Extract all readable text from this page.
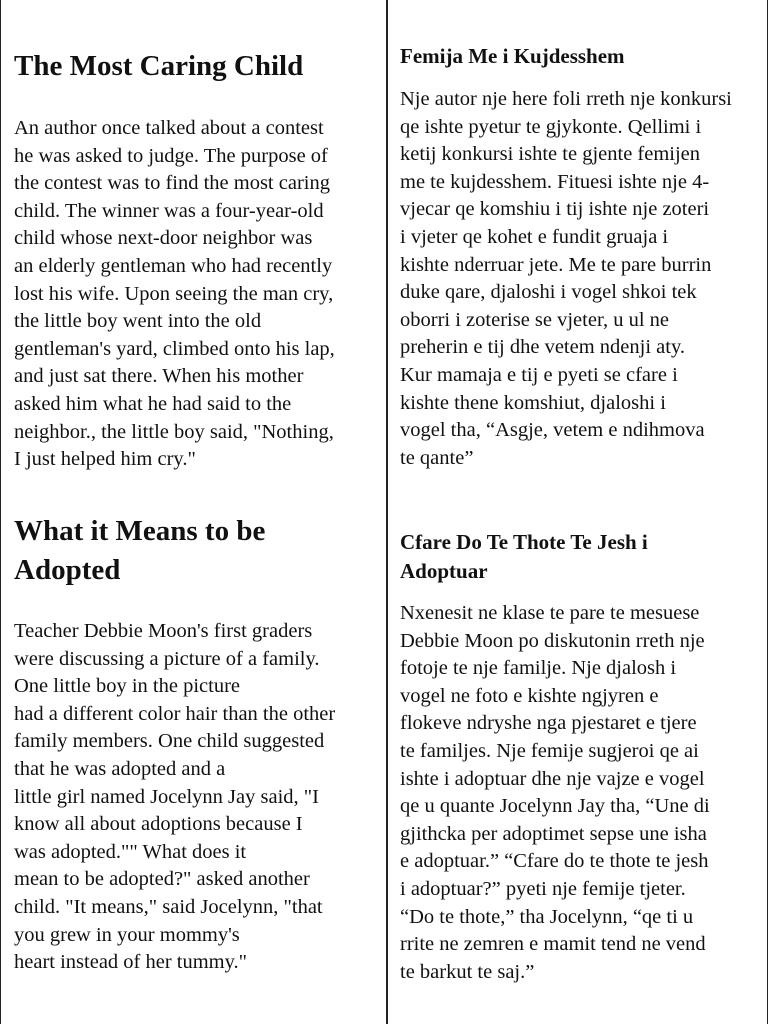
The Most Caring Child

An author once talked about a contest
he was asked to judge. The purpose of
the contest was to find the most caring
child. The winner was a four-year-old
child whose next-door neighbor was
an elderly gentleman who had recently
lost his wife. Upon seeing the man cry,
the little boy went into the old
gentleman's yard, climbed onto his lap,
and just sat there. When his mother
asked him what he had said to the
neighbor., the little boy said, "Nothing,
I just helped him cry."

What it Means to be
Adopted

Teacher Debbie Moon's first graders
were discussing a picture of a family.
One little boy in the picture
had a different color hair than the other
family members. One child suggested
that he was adopted and a
little girl named Jocelynn Jay said, "I
know all about adoptions because I
was adopted."" What does it
mean to be adopted?" asked another
child. "It means," said Jocelynn, "that
you grew in your mommy's
heart instead of her tummy."

Femija Me i Kujdesshem

Nje autor nje here foli rreth nje konkursi
qe ishte pyetur te gjykonte. Qellimi i
ketij konkursi ishte te gjente femijen
me te kujdesshem. Fituesi ishte nje 4-
vjecar qe komshiu i tij ishte nje zoteri
i vjeter qe kohet e fundit gruaja i
kishte nderruar jete. Me te pare burrin
duke qare, djaloshi i vogel shkoi tek
oborri i zoterise se vjeter, u ul ne
preherin e tij dhe vetem ndenji aty.
Kur mamaja e tij e pyeti se cfare i
kishte thene komshiut, djaloshi i
vogel tha, “Asgje, vetem e ndihmova
te qante”

Cfare Do Te Thote Te Jesh i
Adoptuar

Nxenesit ne klase te pare te mesuese
Debbie Moon po diskutonin rreth nje
fotoje te nje familje. Nje djalosh i
vogel ne foto e kishte ngjyren e
flokeve ndryshe nga pjestaret e tjere
te familjes. Nje femije sugjeroi qe ai
ishte i adoptuar dhe nje vajze e vogel
qe u quante Jocelynn Jay tha, “Une di
gjithcka per adoptimet sepse une isha
e adoptuar.” “Cfare do te thote te jesh
i adoptuar?” pyeti nje femije tjeter.
“Do te thote,” tha Jocelynn, “qe ti u
rrite ne zemren e mamit tend ne vend
te barkut te saj.”
